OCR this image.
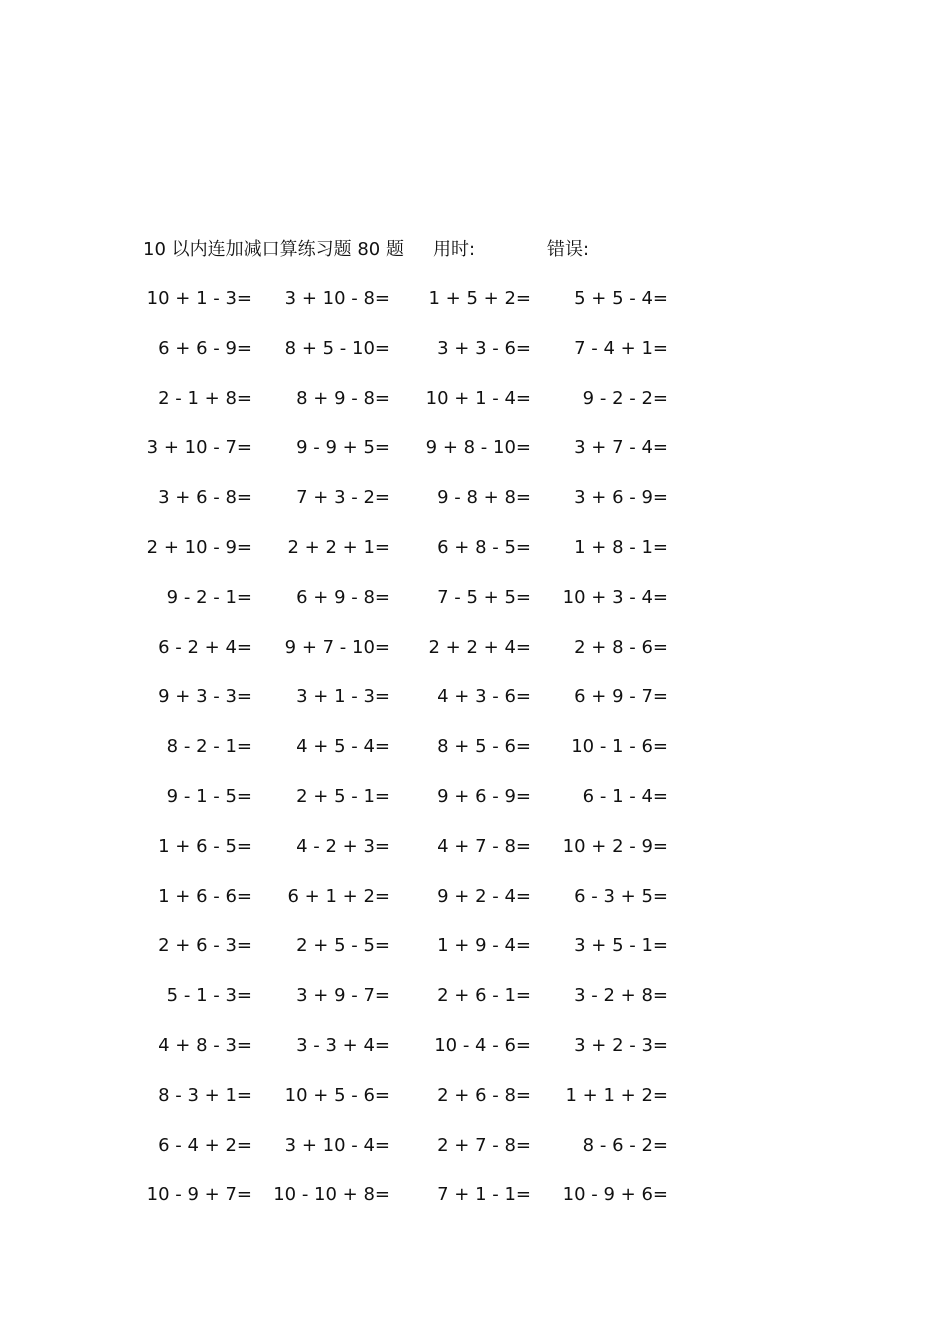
10 以内连加减口算练习题 80 题 用时:	错误:
10 + 1 - 3=	3 + 10 - 8=	1 + 5 + 2=	5 + 5 - 4=
6 + 6 - 9=	8 + 5 - 10=	3 + 3 - 6=	7 - 4 + 1=
2 - 1 + 8=	8 + 9 - 8=	10 + 1 - 4=	9 - 2 - 2=
3 + 10 - 7=	9 - 9 + 5=	9 + 8 - 10=	3 + 7 - 4=
3 + 6 - 8=	7 + 3 - 2=	9 - 8 + 8=	3 + 6 - 9=
2 + 10 - 9=	2 + 2 + 1=	6 + 8 - 5=	1 + 8 - 1=
9 - 2 - 1=	6 + 9 - 8=	7 - 5 + 5=	10 + 3 - 4=
6 - 2 + 4=	9 + 7 - 10=	2 + 2 + 4=	2 + 8 - 6=
9 + 3 - 3=	3 + 1 - 3=	4 + 3 - 6=	6 + 9 - 7=
8 - 2 - 1=	4 + 5 - 4=	8 + 5 - 6=	10 - 1 - 6=
9 - 1 - 5=	2 + 5 - 1=	9 + 6 - 9=	6 - 1 - 4=
1 + 6 - 5=	4 - 2 + 3=	4 + 7 - 8=	10 + 2 - 9=
1 + 6 - 6=	6 + 1 + 2=	9 + 2 - 4=	6 - 3 + 5=
2 + 6 - 3=	2 + 5 - 5=	1 + 9 - 4=	3 + 5 - 1=
5 - 1 - 3=	3 + 9 - 7=	2 + 6 - 1=	3 - 2 + 8=
4 + 8 - 3=	3 - 3 + 4=	10 - 4 - 6=	3 + 2 - 3=
8 - 3 + 1=	10 + 5 - 6=	2 + 6 - 8=	1 + 1 + 2=
6 - 4 + 2=	3 + 10 - 4=	2 + 7 - 8=	8 - 6 - 2=
10 - 9 + 7= 10 - 10 + 8=	7 + 1 - 1=	10 - 9 + 6=
